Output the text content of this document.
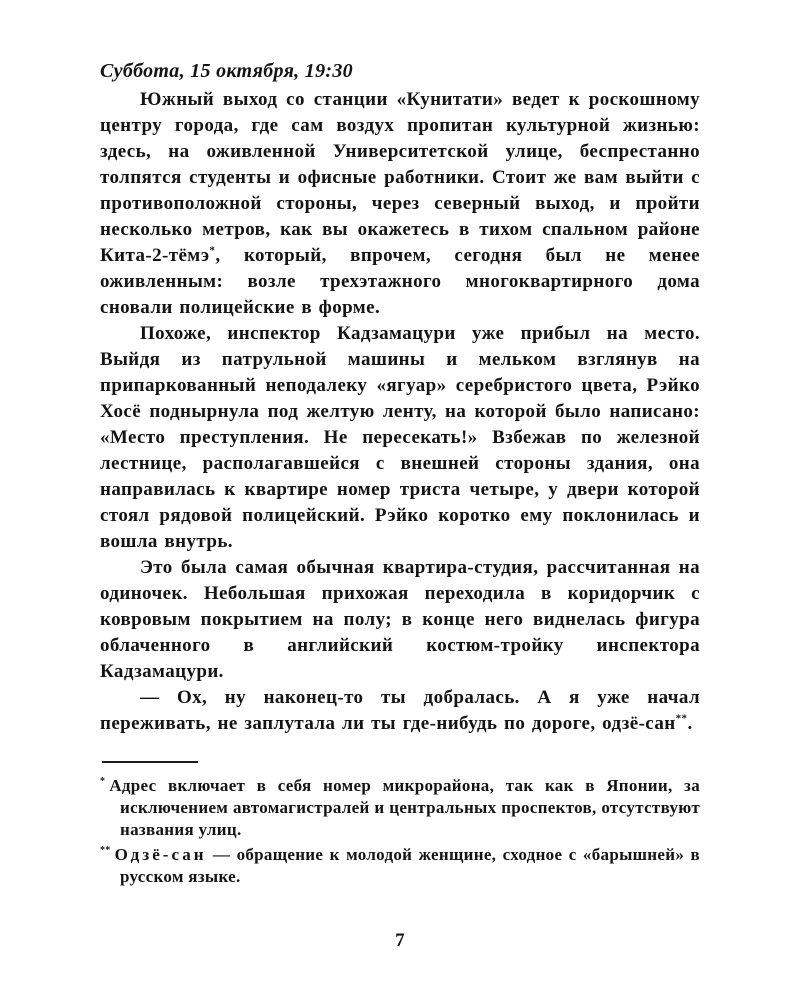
Суббота, 15 октября, 19:30

Южный выход со станции «Кунитати» ведет к роскошному центру города, где сам воздух пропитан культурной жизнью: здесь, на оживленной Университетской улице, беспрестанно толпятся студенты и офисные работники. Стоит же вам выйти с противоположной стороны, через северный выход, и пройти несколько метров, как вы окажетесь в тихом спальном районе Кита-2-тёмэ*, который, впрочем, сегодня был не менее оживленным: возле трехэтажного многоквартирного дома сновали полицейские в форме.

Похоже, инспектор Кадзамацури уже прибыл на место. Выйдя из патрульной машины и мельком взглянув на припаркованный неподалеку «ягуар» серебристого цвета, Рэйко Хосё поднырнула под желтую ленту, на которой было написано: «Место преступления. Не пересекать!» Взбежав по железной лестнице, располагавшейся с внешней стороны здания, она направилась к квартире номер триста четыре, у двери которой стоял рядовой полицейский. Рэйко коротко ему поклонилась и вошла внутрь.

Это была самая обычная квартира-студия, рассчитанная на одиночек. Небольшая прихожая переходила в коридорчик с ковровым покрытием на полу; в конце него виднелась фигура облаченного в английский костюм-тройку инспектора Кадзамацури.

— Ох, ну наконец-то ты добралась. А я уже начал переживать, не заплутала ли ты где-нибудь по дороге, одзё-сан**.

* Адрес включает в себя номер микрорайона, так как в Японии, за исключением автомагистралей и центральных проспектов, отсутствуют названия улиц.

** Одзё-сан — обращение к молодой женщине, сходное с «барышней» в русском языке.

7
